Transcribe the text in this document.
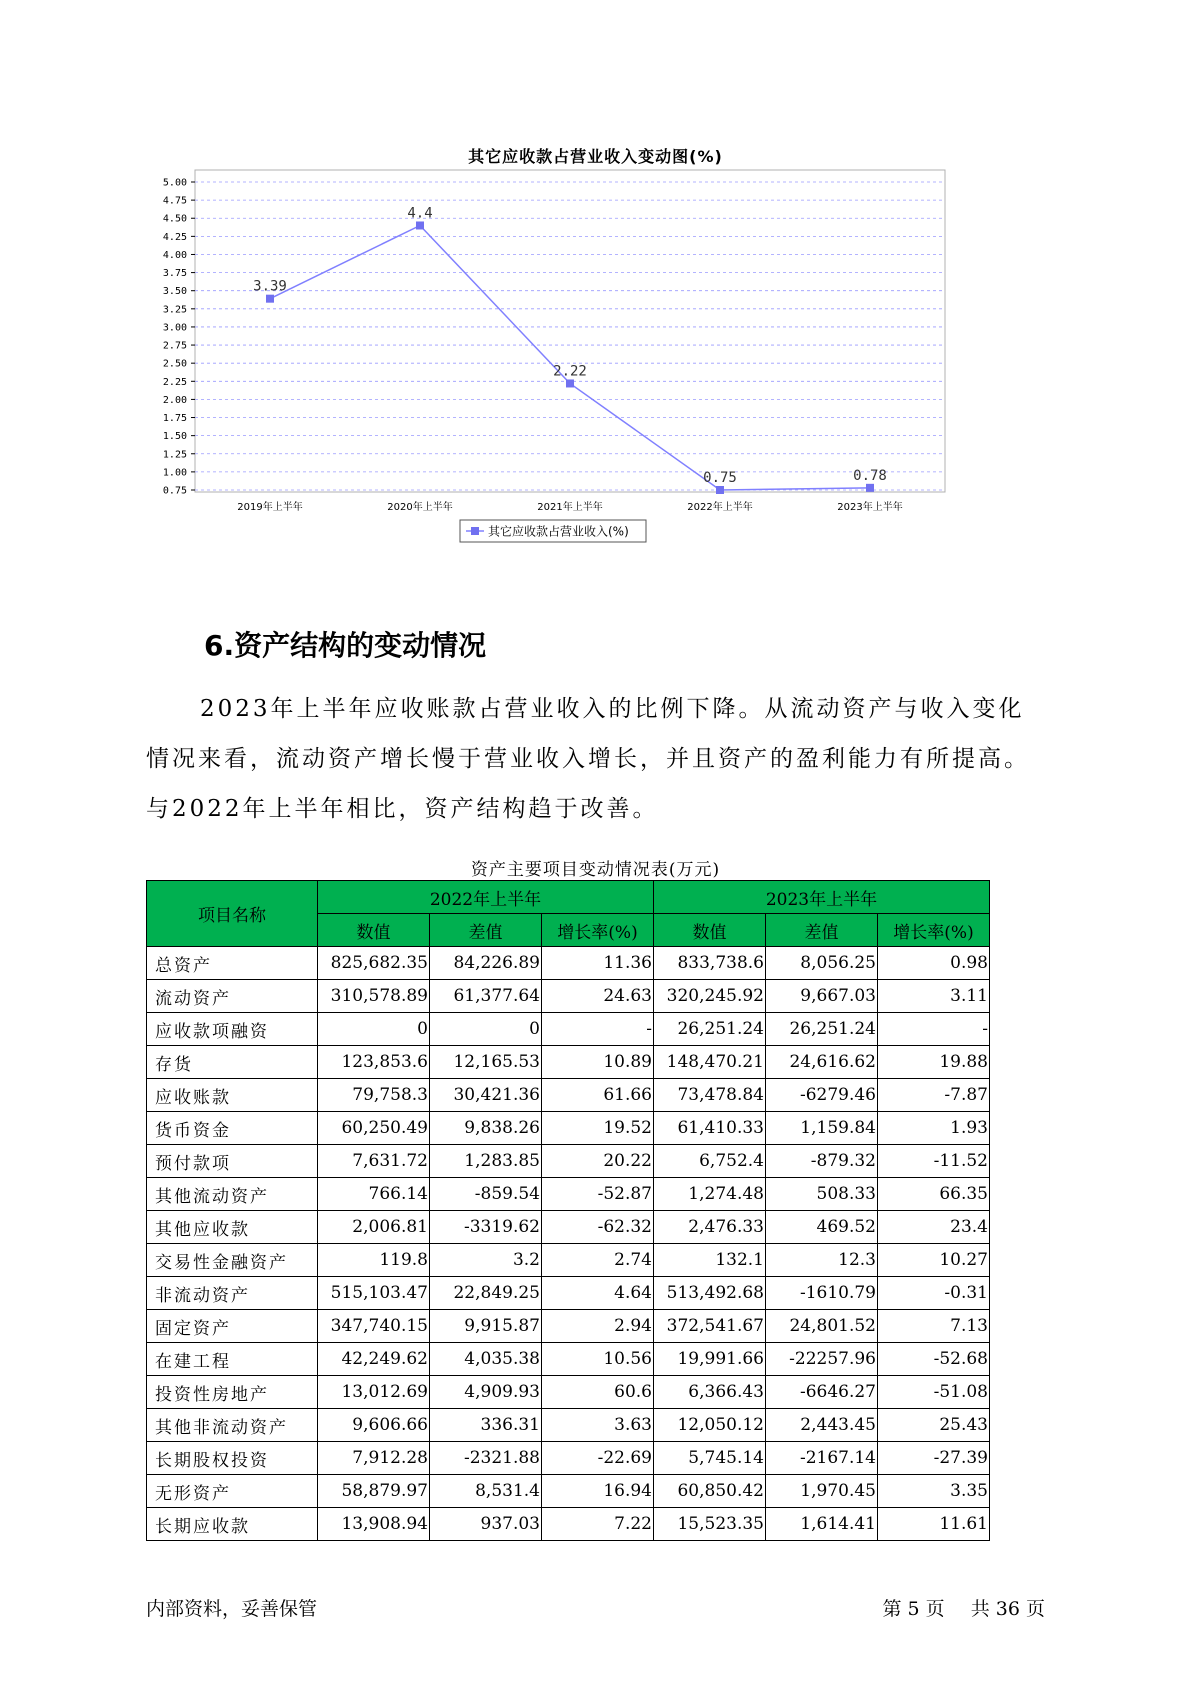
其它应收款占营业收入变动图(%)
0.75
1.00
1.25
1.50
1.75
2.00
2.25
2.50
2.75
3.00
3.25
3.50
3.75
4.00
4.25
4.50
4.75
5.00
2019年上半年	2020年上半年	2021年上半年	2022年上半年	2023年上半年
3.39
4.4
2.22
0.75	0.78
其它应收款占营业收入(%)
6.资产结构的变动情况
2023年上半年应收账款占营业收入的比例下降。从流动资产与收入变化情况来看，流动资产增长慢于营业收入增长，并且资产的盈利能力有所提高。与2022年上半年相比，资产结构趋于改善。
资产主要项目变动情况表(万元)
项目名称	2022年上半年			2023年上半年		
	数值	差值	增长率(%)	数值	差值	增长率(%)
总资产	825,682.35	84,226.89	11.36	833,738.6	8,056.25	0.98
流动资产	310,578.89	61,377.64	24.63	320,245.92	9,667.03	3.11
应收款项融资	0	0	-	26,251.24	26,251.24	-
存货	123,853.6	12,165.53	10.89	148,470.21	24,616.62	19.88
应收账款	79,758.3	30,421.36	61.66	73,478.84	-6279.46	-7.87
货币资金	60,250.49	9,838.26	19.52	61,410.33	1,159.84	1.93
预付款项	7,631.72	1,283.85	20.22	6,752.4	-879.32	-11.52
其他流动资产	766.14	-859.54	-52.87	1,274.48	508.33	66.35
其他应收款	2,006.81	-3319.62	-62.32	2,476.33	469.52	23.4
交易性金融资产	119.8	3.2	2.74	132.1	12.3	10.27
非流动资产	515,103.47	22,849.25	4.64	513,492.68	-1610.79	-0.31
固定资产	347,740.15	9,915.87	2.94	372,541.67	24,801.52	7.13
在建工程	42,249.62	4,035.38	10.56	19,991.66	-22257.96	-52.68
投资性房地产	13,012.69	4,909.93	60.6	6,366.43	-6646.27	-51.08
其他非流动资产	9,606.66	336.31	3.63	12,050.12	2,443.45	25.43
长期股权投资	7,912.28	-2321.88	-22.69	5,745.14	-2167.14	-27.39
无形资产	58,879.97	8,531.4	16.94	60,850.42	1,970.45	3.35
长期应收款	13,908.94	937.03	7.22	15,523.35	1,614.41	11.61
内部资料，妥善保管	第 5 页 共 36 页
